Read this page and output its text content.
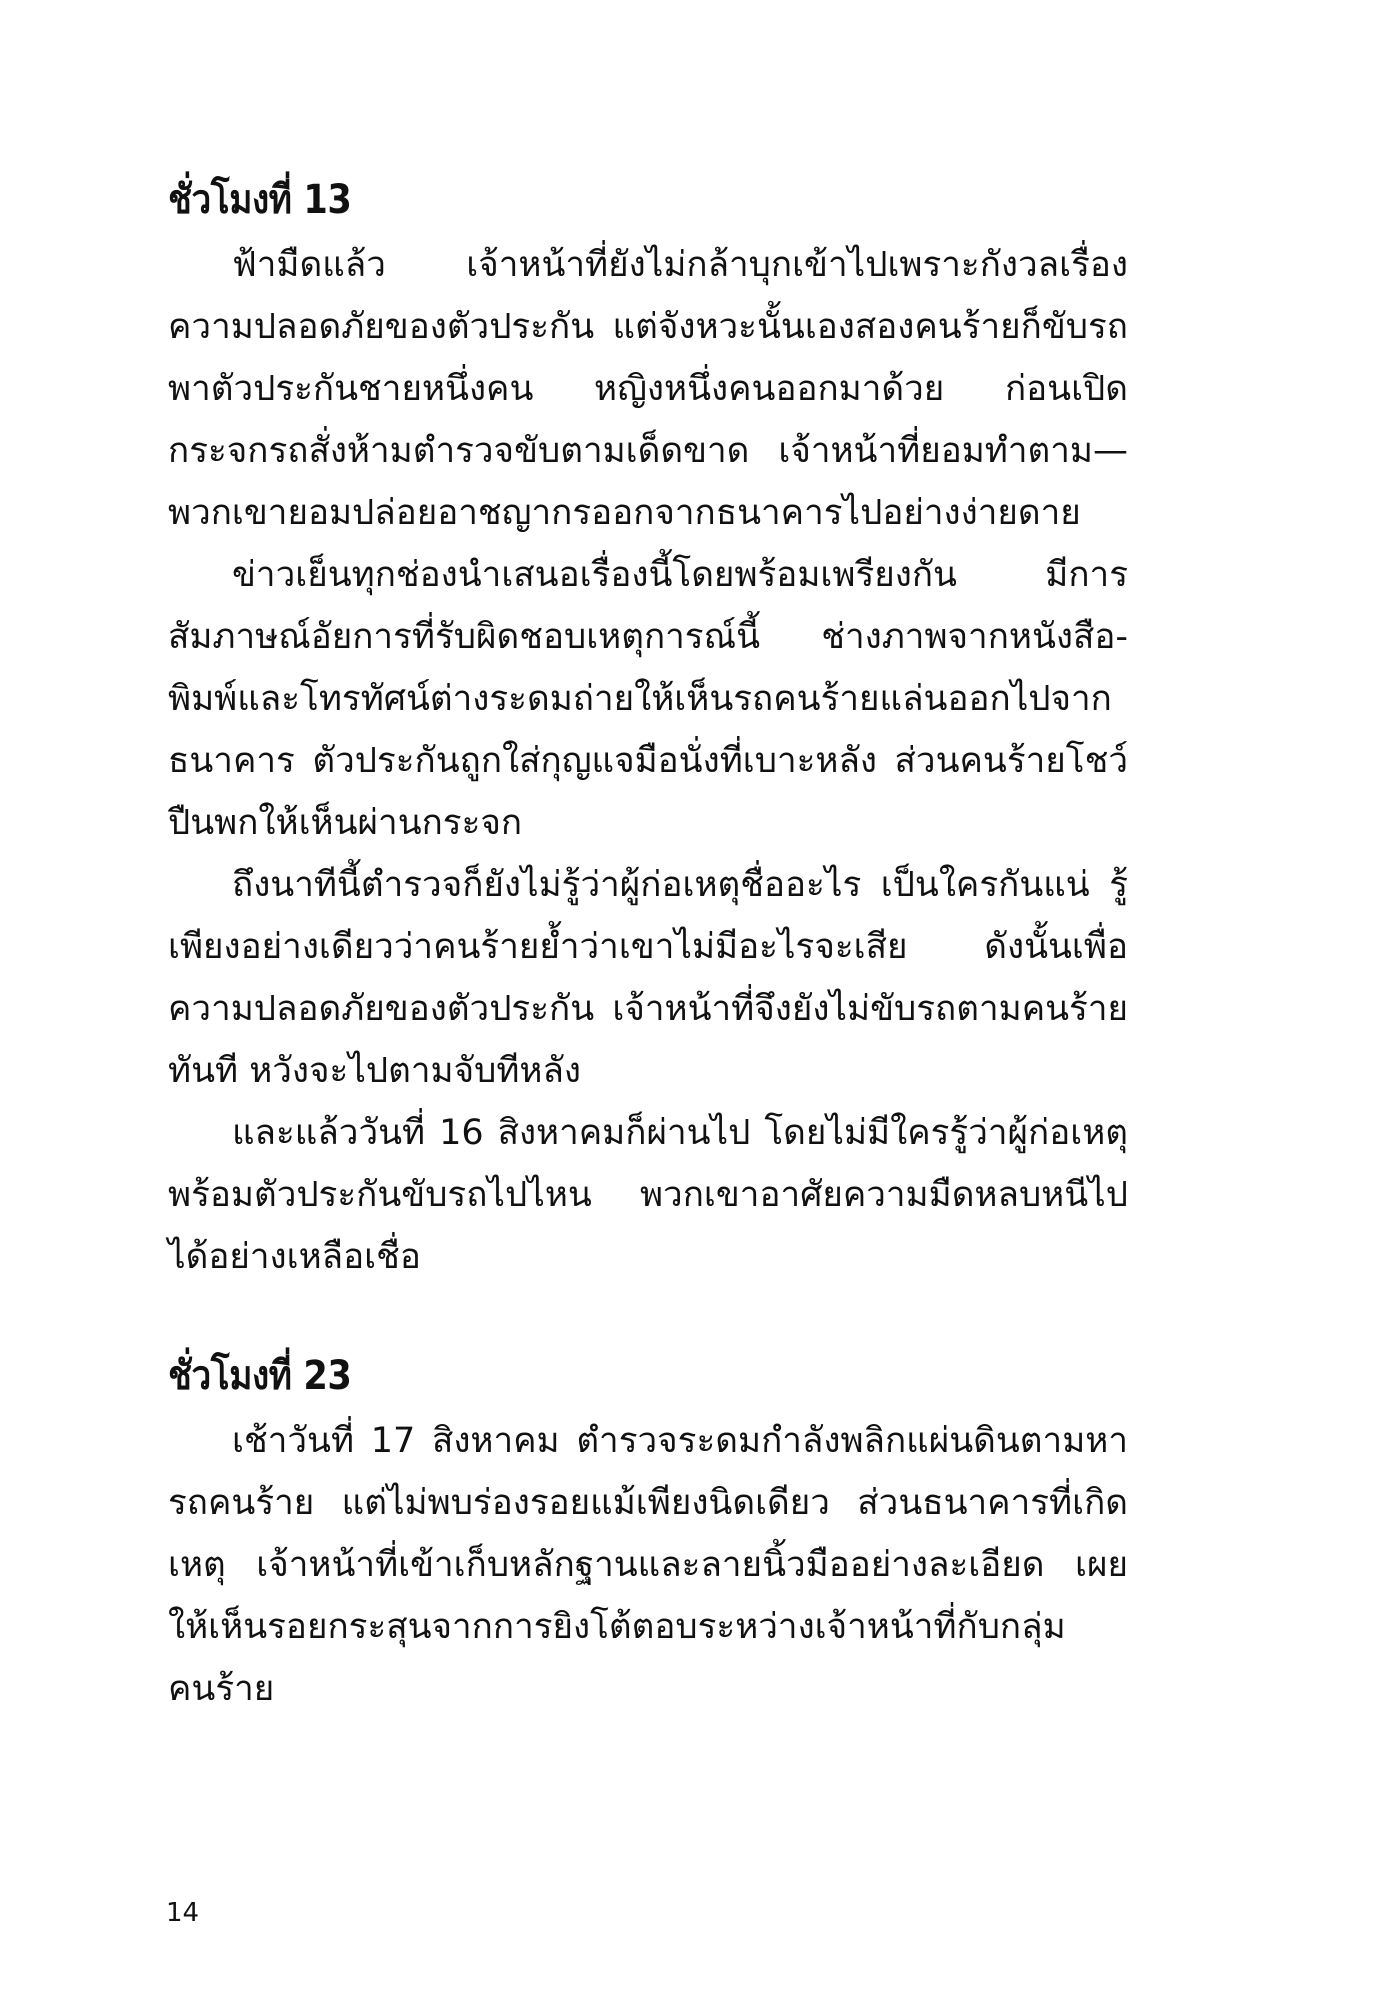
ชั่วโมงที่ 13

ฟ้ามืดแล้ว เจ้าหน้าที่ยังไม่กล้าบุกเข้าไปเพราะกังวลเรื่องความปลอดภัยของตัวประกัน แต่จังหวะนั้นเองสองคนร้ายก็ขับรถพาตัวประกันชายหนึ่งคน หญิงหนึ่งคนออกมาด้วย ก่อนเปิดกระจกรถสั่งห้ามตำรวจขับตามเด็ดขาด เจ้าหน้าที่ยอมทำตาม—พวกเขายอมปล่อยอาชญากรออกจากธนาคารไปอย่างง่ายดาย

ข่าวเย็นทุกช่องนำเสนอเรื่องนี้โดยพร้อมเพรียงกัน มีการสัมภาษณ์อัยการที่รับผิดชอบเหตุการณ์นี้ ช่างภาพจากหนังสือ-พิมพ์และโทรทัศน์ต่างระดมถ่ายให้เห็นรถคนร้ายแล่นออกไปจากธนาคาร ตัวประกันถูกใส่กุญแจมือนั่งที่เบาะหลัง ส่วนคนร้ายโชว์ปืนพกให้เห็นผ่านกระจก

ถึงนาทีนี้ตำรวจก็ยังไม่รู้ว่าผู้ก่อเหตุชื่ออะไร เป็นใครกันแน่ รู้เพียงอย่างเดียวว่าคนร้ายย้ำว่าเขาไม่มีอะไรจะเสีย ดังนั้นเพื่อความปลอดภัยของตัวประกัน เจ้าหน้าที่จึงยังไม่ขับรถตามคนร้ายทันที หวังจะไปตามจับทีหลัง

และแล้ววันที่ 16 สิงหาคมก็ผ่านไป โดยไม่มีใครรู้ว่าผู้ก่อเหตุพร้อมตัวประกันขับรถไปไหน พวกเขาอาศัยความมืดหลบหนีไปได้อย่างเหลือเชื่อ

ชั่วโมงที่ 23

เช้าวันที่ 17 สิงหาคม ตำรวจระดมกำลังพลิกแผ่นดินตามหารถคนร้าย แต่ไม่พบร่องรอยแม้เพียงนิดเดียว ส่วนธนาคารที่เกิดเหตุ เจ้าหน้าที่เข้าเก็บหลักฐานและลายนิ้วมืออย่างละเอียด เผยให้เห็นรอยกระสุนจากการยิงโต้ตอบระหว่างเจ้าหน้าที่กับกลุ่มคนร้าย

14
